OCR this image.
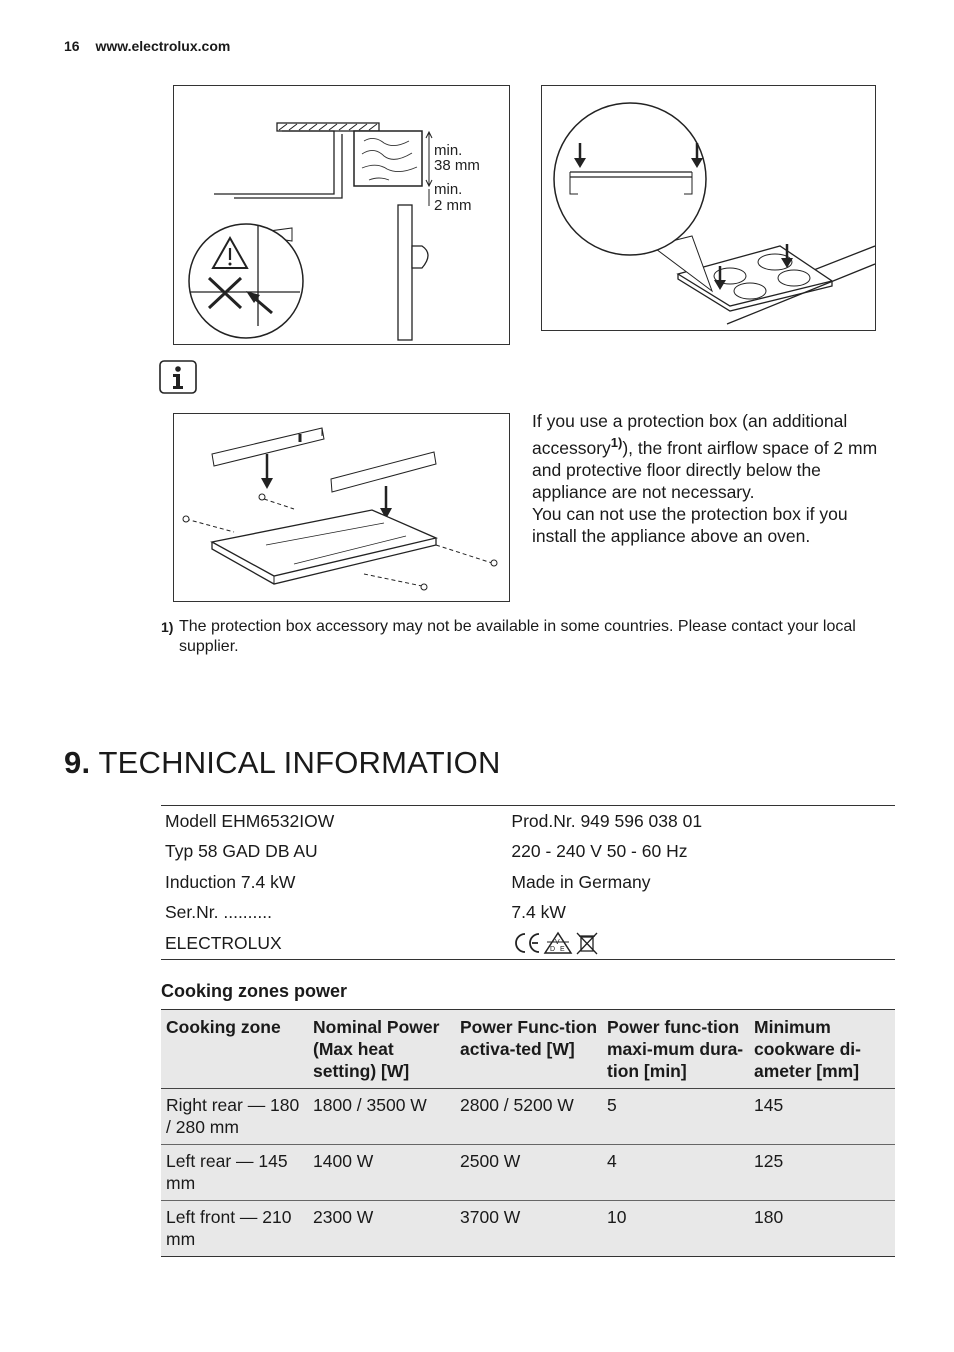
16 www.electrolux.com
min.
38 mm
min.
2 mm
If you use a protection box (an additional accessory$^{1)}$), the front airflow space of 2 mm and protective floor directly below the appliance are not necessary.
You can not use the protection box if you install the appliance above an oven.
1) The protection box accessory may not be available in some countries. Please contact your local supplier.
9. TECHNICAL INFORMATION
Modell EHM6532IOW	Prod.Nr. 949 596 038 01
Typ 58 GAD DB AU	220 - 240 V 50 - 60 Hz
Induction 7.4 kW	Made in Germany
Ser.Nr. ..........	7.4 kW
ELECTROLUX	V
D E
Cooking zones power
Cooking zone	Nominal Power (Max heat setting) [W]	Power Func-tion activa-ted [W]	Power func-tion maxi-mum dura-tion [min]	Minimum cookware di-ameter [mm]
Right rear — 180 / 280 mm	1800 / 3500 W	2800 / 5200 W	5	145
Left rear — 145 mm	1400 W	2500 W	4	125
Left front — 210 mm	2300 W	3700 W	10	180
